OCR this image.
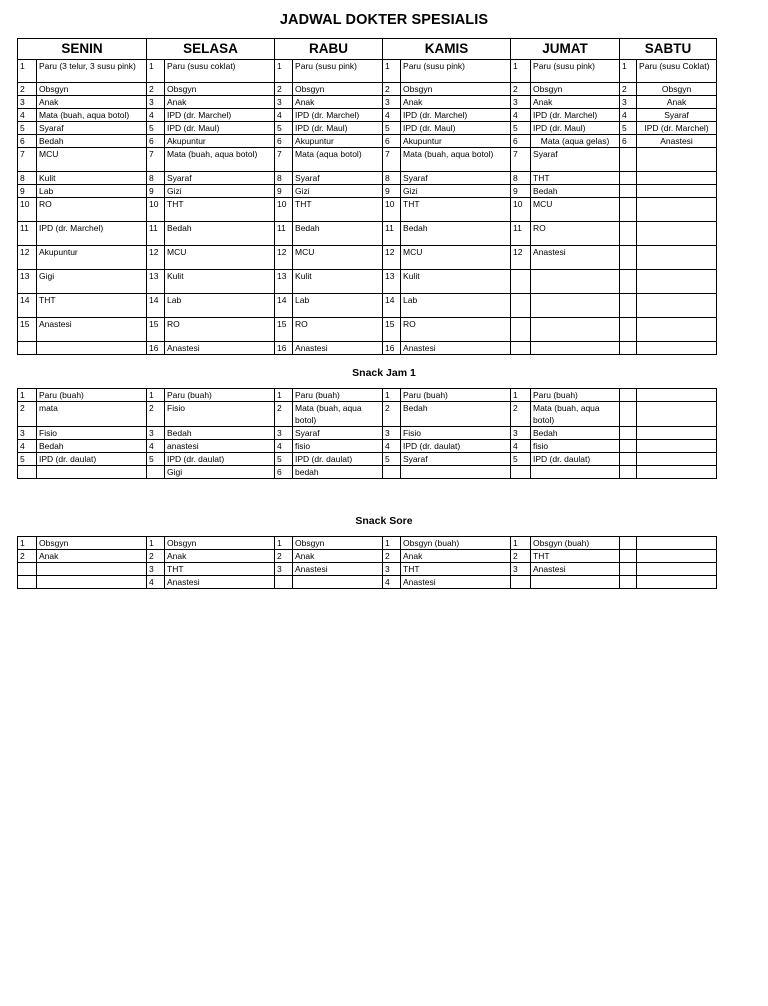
JADWAL DOKTER SPESIALIS
SENIN		SELASA		RABU		KAMIS		JUMAT		SABTU	
1	Paru (3 telur, 3 susu pink)	1	Paru (susu coklat)	1	Paru (susu pink)	1	Paru (susu pink)	1	Paru (susu pink)	1	Paru (susu Coklat)
2	Obsgyn	2	Obsgyn	2	Obsgyn	2	Obsgyn	2	Obsgyn	2	Obsgyn
3	Anak	3	Anak	3	Anak	3	Anak	3	Anak	3	Anak
4	Mata (buah, aqua botol)	4	IPD (dr. Marchel)	4	IPD (dr. Marchel)	4	IPD (dr. Marchel)	4	IPD (dr. Marchel)	4	Syaraf
5	Syaraf	5	IPD (dr. Maul)	5	IPD (dr. Maul)	5	IPD (dr. Maul)	5	IPD (dr. Maul)	5	IPD (dr. Marchel)
6	Bedah	6	Akupuntur	6	Akupuntur	6	Akupuntur	6	Mata (aqua gelas)	6	Anastesi
7	MCU	7	Mata (buah, aqua botol)	7	Mata (aqua botol)	7	Mata (buah, aqua botol)	7	Syaraf		
8	Kulit	8	Syaraf	8	Syaraf	8	Syaraf	8	THT		
9	Lab	9	Gizi	9	Gizi	9	Gizi	9	Bedah		
10	RO	10	THT	10	THT	10	THT	10	MCU		
11	IPD (dr. Marchel)	11	Bedah	11	Bedah	11	Bedah	11	RO		
12	Akupuntur	12	MCU	12	MCU	12	MCU	12	Anastesi		
13	Gigi	13	Kulit	13	Kulit	13	Kulit				
14	THT	14	Lab	14	Lab	14	Lab				
15	Anastesi	15	RO	15	RO	15	RO				
		16	Anastesi	16	Anastesi	16	Anastesi				
Snack Jam 1
1	Paru (buah)	1	Paru (buah)	1	Paru (buah)	1	Paru (buah)	1	Paru (buah)		
2	mata	2	Fisio	2	Mata (buah, aqua botol)	2	Bedah	2	Mata (buah, aqua botol)		
3	Fisio	3	Bedah	3	Syaraf	3	Fisio	3	Bedah		
4	Bedah	4	anastesi	4	fisio	4	IPD (dr. daulat)	4	fisio		
5	IPD (dr. daulat)	5	IPD (dr. daulat)	5	IPD (dr. daulat)	5	Syaraf	5	IPD (dr. daulat)		
			Gigi	6	bedah						
Snack Sore
1	Obsgyn	1	Obsgyn	1	Obsgyn	1	Obsgyn (buah)	1	Obsgyn (buah)		
2	Anak	2	Anak	2	Anak	2	Anak	2	THT		
		3	THT	3	Anastesi	3	THT	3	Anastesi		
		4	Anastesi			4	Anastesi				
